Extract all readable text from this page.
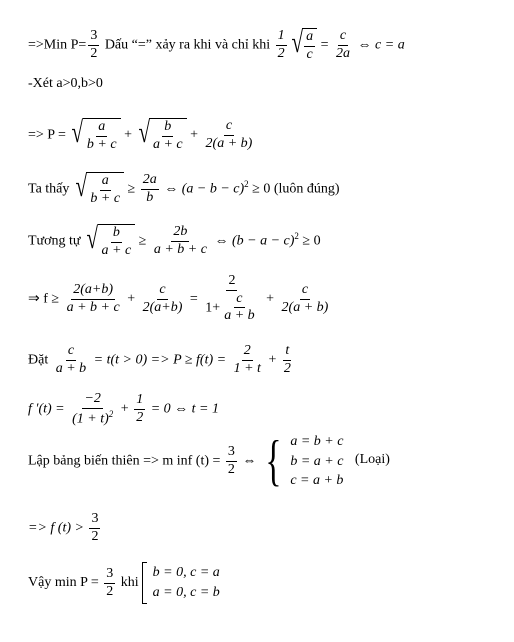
=>Min $P= \frac{3}{2}$ Dấu “=” xảy ra khi và chỉ khi $\frac{1}{2}$ √ $\frac{a}{c} = \frac{c}{2a}$ ⇔ c = a
-Xét a>0,b>0
=> P = √ $\frac{a}{b + c}$ + √ $\frac{b}{a + c} + \frac{c}{2(a + b)}$
Ta thấy √ $\frac{a}{b + c} \ge \frac{2a}{b}$ ⇔ $(a - b - c)^2 \ge 0$ (luôn đúng)
Tương tự √ $\frac{b}{a + c} \ge \frac{2b}{a + b + c}$ ⇔ $(b - a - c)^2 \ge 0$
⇒ $f \ge \frac{2(a+b)}{a + b + c} + \frac{c}{2(a+b)} = \frac{2}{1+ \frac{c}{a + b}} + \frac{c}{2(a + b)}$
Đặt $\frac{c}{a + b} = t(t > 0) => P \ge f(t) = \frac{2}{1 + t} + \frac{t}{2}$
f $'(t) = \frac{-2}{(1 + t)^2} + \frac{1}{2} = 0$ ⇔ t = 1
Lập bảng biến thiên => m inf $(t) = \frac{3}{2}$ ⇔ { a = b + c
b = a + c
c = a + b
(Loại)
=> f $(t) > \frac{3}{2}$
Vậy $\min P = \frac{3}{2}$ khi
b = 0, c = a
a = 0, c = b
